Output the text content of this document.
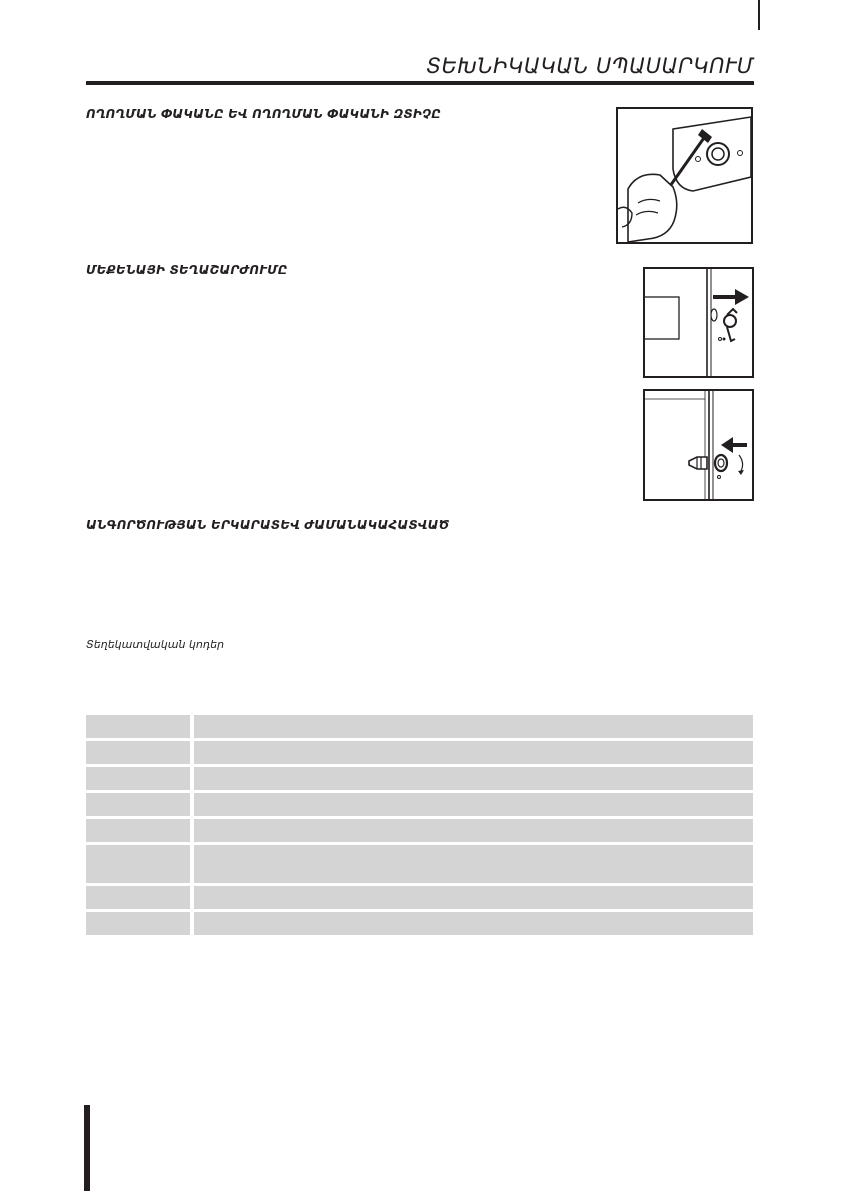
ՏԵԽՆԻԿԱԿԱՆ ՍՊԱՍԱՐԿՈՒՄ
ՈՂՈՂՄԱՆ ՓԱԿԱՆԸ ԵՎ ՈՂՈՂՄԱՆ ՓԱԿԱՆԻ ԶՏԻՉԸ
ՄԵՔԵՆԱՅԻ ՏԵՂԱՇԱՐԺՈՒՄԸ
ԱՆԳՈՐԾՈՒԹՅԱՆ ԵՐԿԱՐԱՏԵՎ ԺԱՄԱՆԱԿԱՀԱՏՎԱԾ
Տեղեկատվական կոդեր
